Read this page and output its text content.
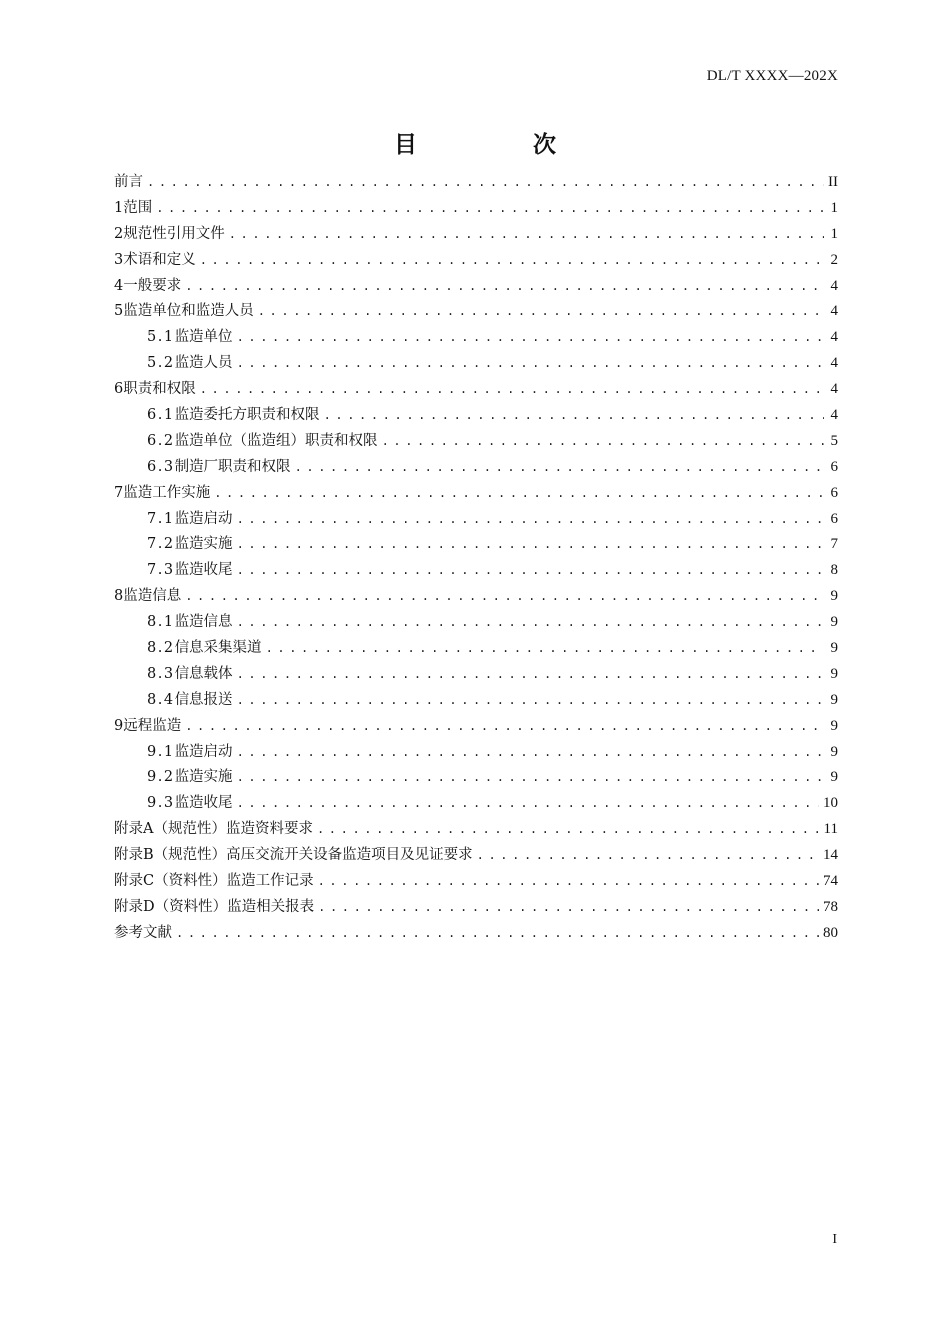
DL/T XXXX—202X
目 次
前言 .....	II
1 范围 .....	1
2 规范性引用文件 .....	1
3 术语和定义 .....	2
4 一般要求 .....	4
5 监造单位和监造人员 .....	4
5.1 监造单位 .....	4
5.2 监造人员 .....	4
6 职责和权限 .....	4
6.1 监造委托方职责和权限 .....	4
6.2 监造单位（监造组）职责和权限 .....	5
6.3 制造厂职责和权限 .....	6
7 监造工作实施 .....	6
7.1 监造启动 .....	6
7.2 监造实施 .....	7
7.3 监造收尾 .....	8
8 监造信息 .....	9
8.1 监造信息 .....	9
8.2 信息采集渠道 .....	9
8.3 信息载体 .....	9
8.4 信息报送 .....	9
9 远程监造 .....	9
9.1 监造启动 .....	9
9.2 监造实施 .....	9
9.3 监造收尾 .....	10
附录A（规范性） 监造资料要求 .....	11
附录B（规范性） 高压交流开关设备监造项目及见证要求 .....	14
附录C（资料性） 监造工作记录 .....	74
附录D（资料性） 监造相关报表 .....	78
参考文献 .....	80
I
